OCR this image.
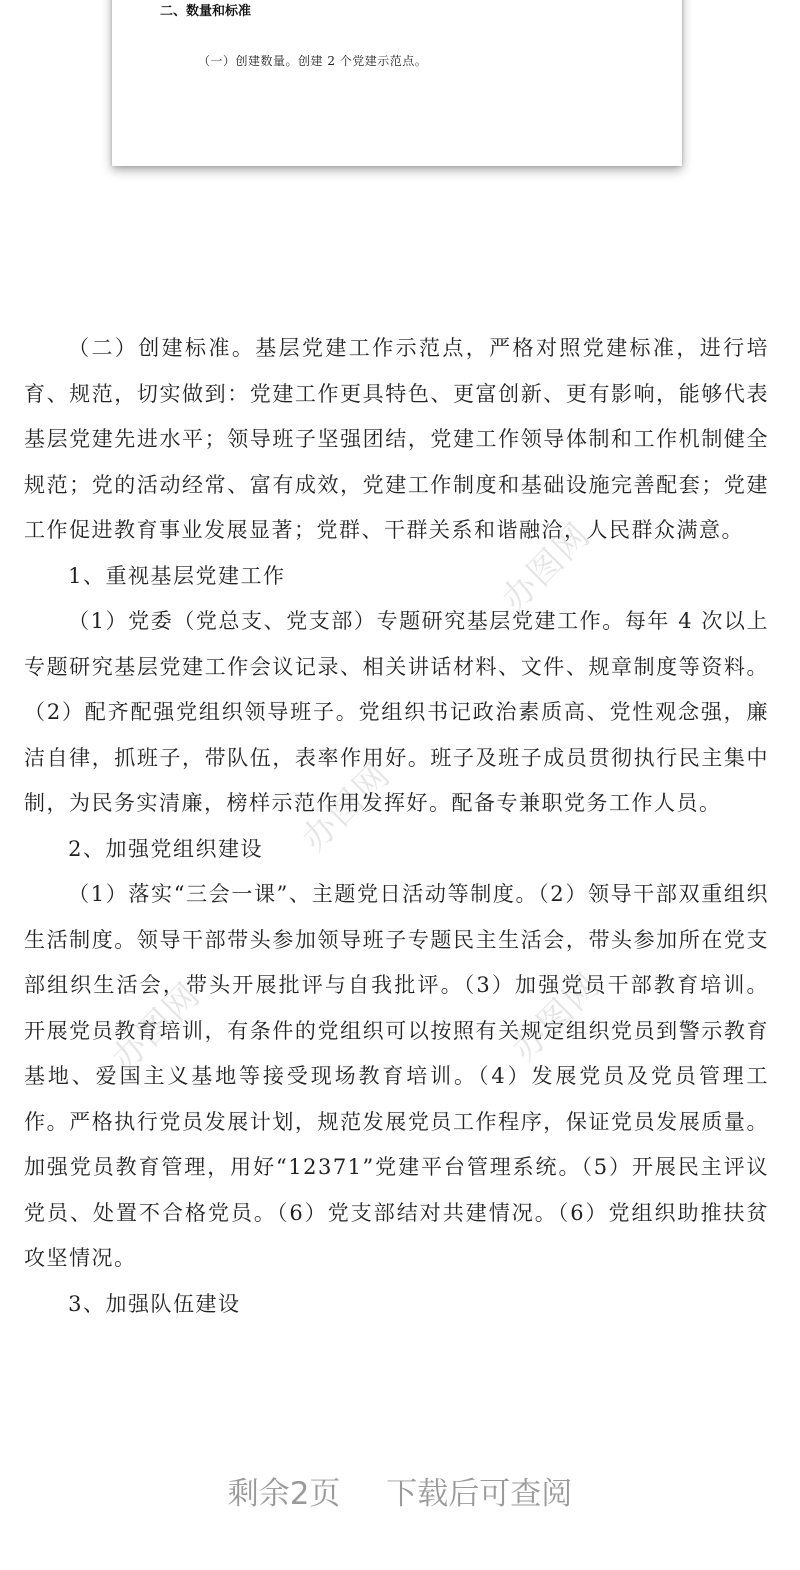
二、数量和标准
（一）创建数量。创建 2 个党建示范点。
办图网
办图网
办图网
办图网

（二）创建标准。基层党建工作示范点，严格对照党建标准，进行培育、规范，切实做到：党建工作更具特色、更富创新、更有影响，能够代表基层党建先进水平；领导班子坚强团结，党建工作领导体制和工作机制健全规范；党的活动经常、富有成效，党建工作制度和基础设施完善配套；党建工作促进教育事业发展显著；党群、干群关系和谐融洽，人民群众满意。

1、重视基层党建工作

（1）党委（党总支、党支部）专题研究基层党建工作。每年 4 次以上专题研究基层党建工作会议记录、相关讲话材料、文件、规章制度等资料。（2）配齐配强党组织领导班子。党组织书记政治素质高、党性观念强，廉洁自律，抓班子，带队伍，表率作用好。班子及班子成员贯彻执行民主集中制，为民务实清廉，榜样示范作用发挥好。配备专兼职党务工作人员。

2、加强党组织建设

（1）落实“三会一课”、主题党日活动等制度。（2）领导干部双重组织生活制度。领导干部带头参加领导班子专题民主生活会，带头参加所在党支部组织生活会，带头开展批评与自我批评。（3）加强党员干部教育培训。开展党员教育培训，有条件的党组织可以按照有关规定组织党员到警示教育基地、爱国主义基地等接受现场教育培训。（4）发展党员及党员管理工作。严格执行党员发展计划，规范发展党员工作程序，保证党员发展质量。加强党员教育管理，用好“12371”党建平台管理系统。（5）开展民主评议党员、处置不合格党员。（6）党支部结对共建情况。（6）党组织助推扶贫攻坚情况。

3、加强队伍建设

剩余2页 下载后可查阅
